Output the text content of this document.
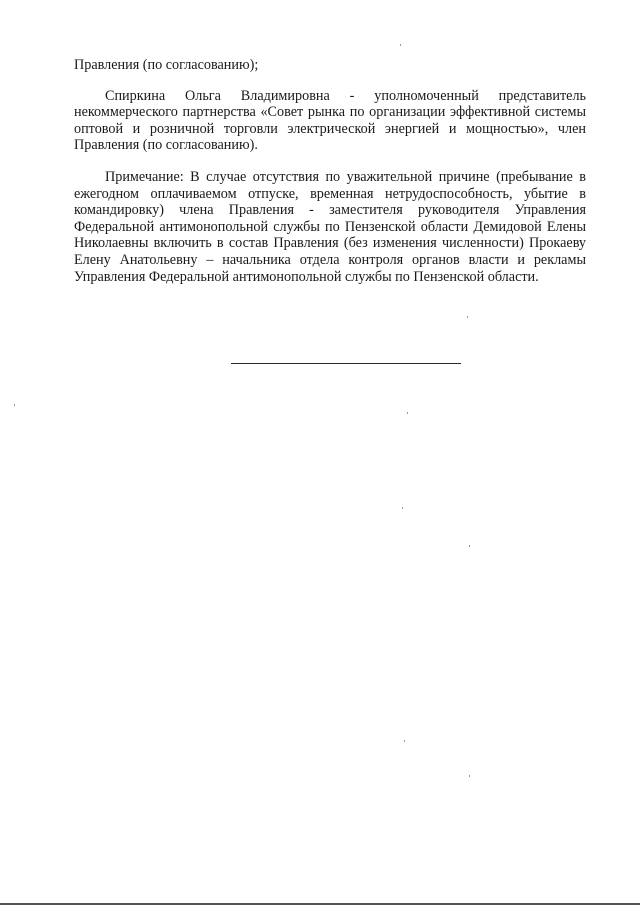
Правления (по согласованию);

Спиркина Ольга Владимировна - уполномоченный представитель некоммерческого партнерства «Совет рынка по организации эффективной системы оптовой и розничной торговли электрической энергией и мощностью», член Правления (по согласованию).

Примечание: В случае отсутствия по уважительной причине (пребывание в ежегодном оплачиваемом отпуске, временная нетрудоспособность, убытие в командировку) члена Правления - заместителя руководителя Управления Федеральной антимонопольной службы по Пензенской области Демидовой Елены Николаевны включить в состав Правления (без изменения численности) Прокаеву Елену Анатольевну – начальника отдела контроля органов власти и рекламы Управления Федеральной антимонопольной службы по Пензенской области.
